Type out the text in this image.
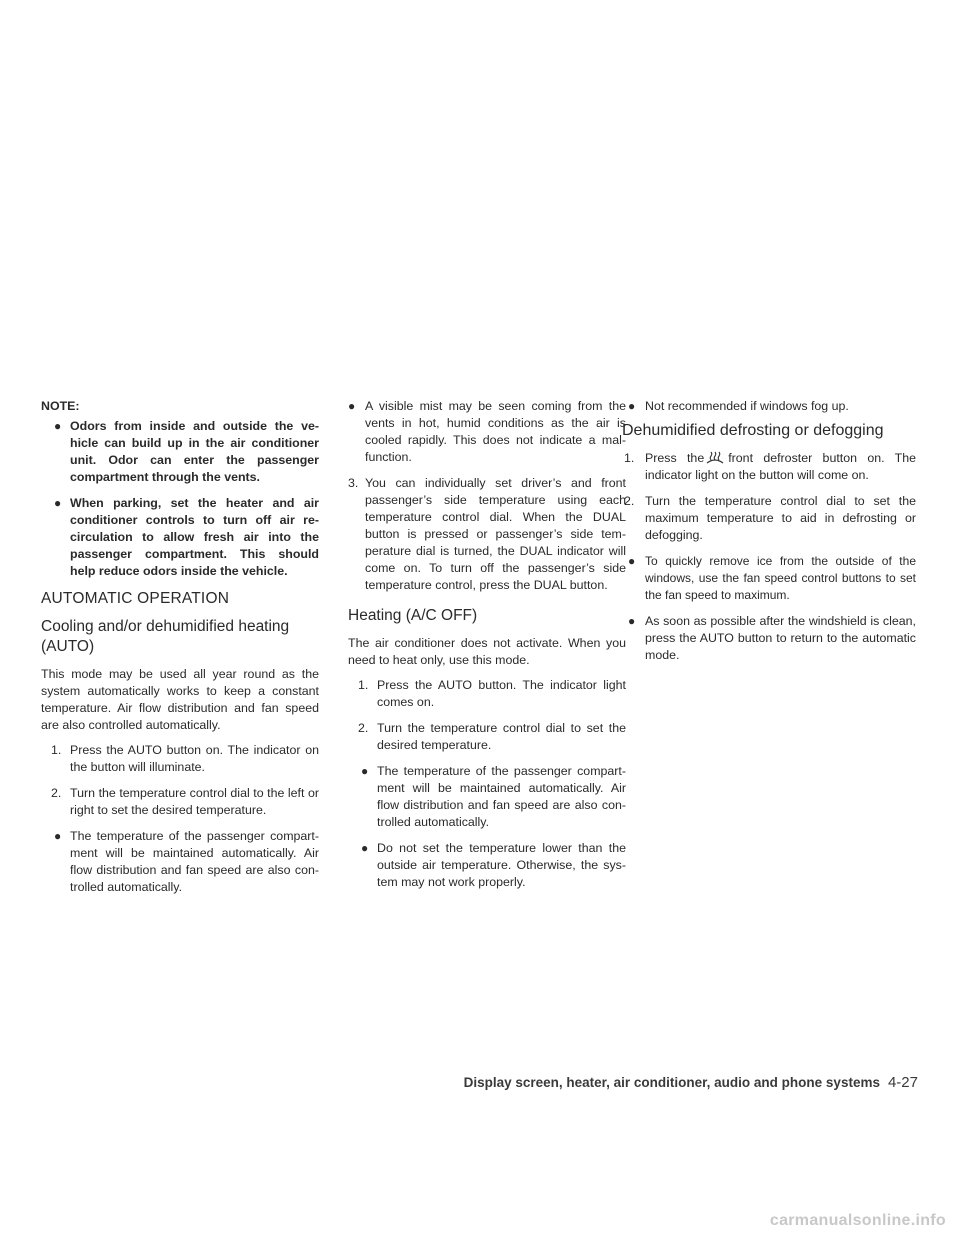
NOTE:

● Odors from inside and outside the ve-hicle can build up in the air conditioner unit. Odor can enter the passenger compartment through the vents.
● When parking, set the heater and air conditioner controls to turn off air re-circulation to allow fresh air into the passenger compartment. This should help reduce odors inside the vehicle.
AUTOMATIC OPERATION
Cooling and/or dehumidified heating (AUTO)

This mode may be used all year round as the system automatically works to keep a constant temperature. Air flow distribution and fan speed are also controlled automatically.

1. Press the AUTO button on. The indicator on the button will illuminate.
2. Turn the temperature control dial to the left or right to set the desired temperature.
● The temperature of the passenger compart-ment will be maintained automatically. Air flow distribution and fan speed are also con-trolled automatically.
● A visible mist may be seen coming from the vents in hot, humid conditions as the air is cooled rapidly. This does not indicate a mal-function.
3. You can individually set driver’s and front passenger’s side temperature using each temperature control dial. When the DUAL button is pressed or passenger’s side tem-perature dial is turned, the DUAL indicator will come on. To turn off the passenger’s side temperature control, press the DUAL button.
Heating (A/C OFF)

The air conditioner does not activate. When you need to heat only, use this mode.

1. Press the AUTO button. The indicator light comes on.
2. Turn the temperature control dial to set the desired temperature.
● The temperature of the passenger compart-ment will be maintained automatically. Air flow distribution and fan speed are also con-trolled automatically.
● Do not set the temperature lower than the outside air temperature. Otherwise, the sys-tem may not work properly.
● Not recommended if windows fog up.
Dehumidified defrosting or defogging
1. Press the front defroster button on. The indicator light on the button will come on.
2. Turn the temperature control dial to set the maximum temperature to aid in defrosting or defogging.
● To quickly remove ice from the outside of the windows, use the fan speed control buttons to set the fan speed to maximum.
● As soon as possible after the windshield is clean, press the AUTO button to return to the automatic mode.
Display screen, heater, air conditioner, audio and phone systems 4-27
carmanualsonline.info
